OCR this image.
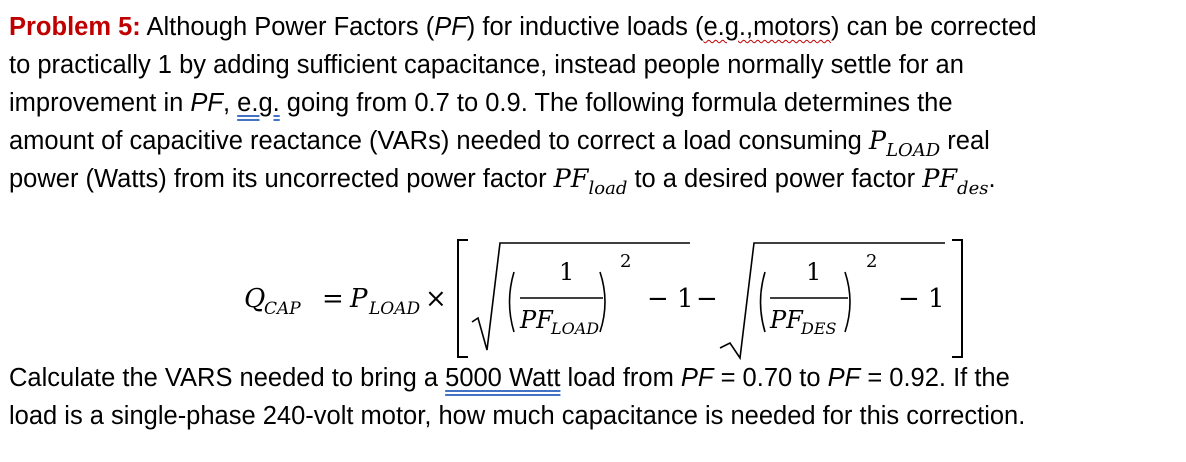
Problem 5: Although Power Factors (PF) for inductive loads (e.g.,motors) can be corrected
to practically 1 by adding sufficient capacitance, instead people normally settle for an
improvement in PF, e.g. going from 0.7 to 0.9. The following formula determines the
amount of capacitive reactance (VARs) needed to correct a load consuming $P_{LOAD}$ real
power (Watts) from its uncorrected power factor $PF_{load}$ to a desired power factor $PF_{des}$.
Q
CAP = P LOAD ×
1
PF
LOAD
2
− 1 −
1
PF
DES
2
− 1
Calculate the VARS needed to bring a 5000 Watt load from PF = 0.70 to PF = 0.92. If the
load is a single-phase 240-volt motor, how much capacitance is needed for this correction.
